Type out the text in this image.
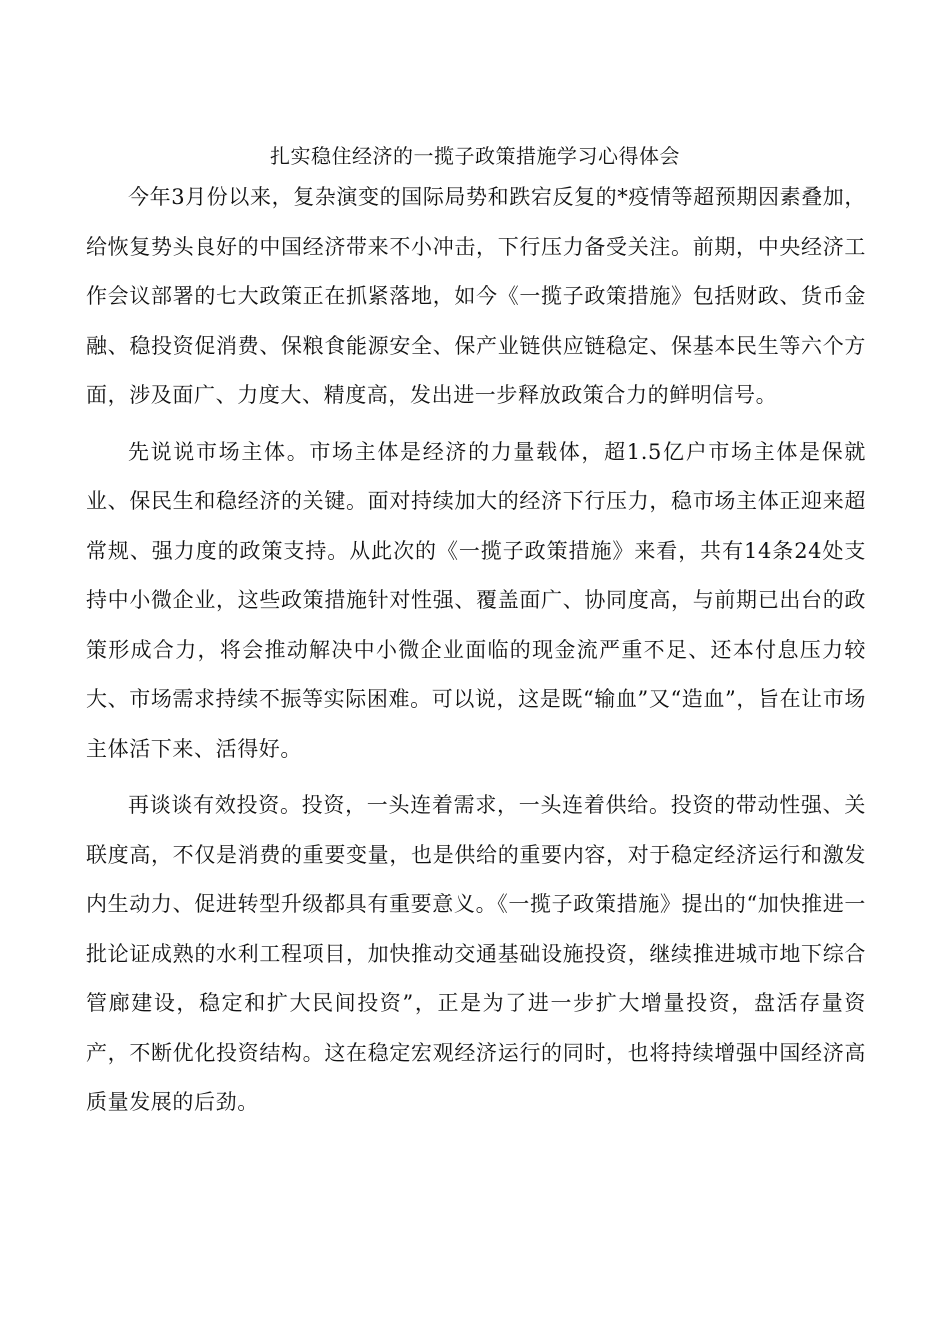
扎实稳住经济的一揽子政策措施学习心得体会

今年3月份以来，复杂演变的国际局势和跌宕反复的*疫情等超预期因素叠加，给恢复势头良好的中国经济带来不小冲击，下行压力备受关注。前期，中央经济工作会议部署的七大政策正在抓紧落地，如今《一揽子政策措施》包括财政、货币金融、稳投资促消费、保粮食能源安全、保产业链供应链稳定、保基本民生等六个方面，涉及面广、力度大、精度高，发出进一步释放政策合力的鲜明信号。

先说说市场主体。市场主体是经济的力量载体，超1.5亿户市场主体是保就业、保民生和稳经济的关键。面对持续加大的经济下行压力，稳市场主体正迎来超常规、强力度的政策支持。从此次的《一揽子政策措施》来看，共有14条24处支持中小微企业，这些政策措施针对性强、覆盖面广、协同度高，与前期已出台的政策形成合力，将会推动解决中小微企业面临的现金流严重不足、还本付息压力较大、市场需求持续不振等实际困难。可以说，这是既“输血”又“造血”，旨在让市场主体活下来、活得好。

再谈谈有效投资。投资，一头连着需求，一头连着供给。投资的带动性强、关联度高，不仅是消费的重要变量，也是供给的重要内容，对于稳定经济运行和激发内生动力、促进转型升级都具有重要意义。《一揽子政策措施》提出的“加快推进一批论证成熟的水利工程项目，加快推动交通基础设施投资，继续推进城市地下综合管廊建设，稳定和扩大民间投资”，正是为了进一步扩大增量投资，盘活存量资产，不断优化投资结构。这在稳定宏观经济运行的同时，也将持续增强中国经济高质量发展的后劲。
